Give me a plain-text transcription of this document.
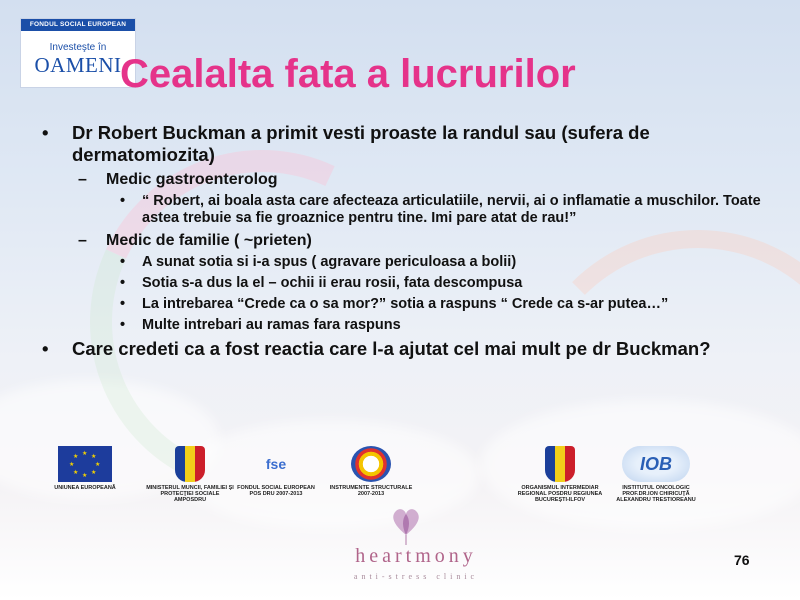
FONDUL SOCIAL EUROPEAN
Investeşte în
OAMENI
Cealalta fata a lucrurilor
• Dr Robert Buckman a primit vesti proaste la randul sau (sufera de dermatomiozita)
– Medic gastroenterolog
• “ Robert, ai boala asta care afecteaza articulatiile, nervii, ai o inflamatie a muschilor. Toate astea trebuie sa fie groaznice pentru tine. Imi pare atat de rau!”
– Medic de familie ( ~prieten)
• A sunat sotia si i-a spus ( agravare periculoasa a bolii)
• Sotia s-a dus la el – ochii ii erau rosii, fata descompusa
• La intrebarea “Crede ca o sa mor?” sotia a raspuns “ Crede ca s-ar putea…”
• Multe intrebari au ramas fara raspuns
• Care credeti ca a fost reactia care l-a ajutat cel mai mult pe dr Buckman?
★ ★
★
★
★
★
★
★
UNIUNEA EUROPEANĂ	MINISTERUL MUNCII, FAMILIEI ŞI PROTECŢIEI SOCIALE AMPOSDRU
fse
FONDUL SOCIAL EUROPEAN POS DRU 2007-2013
INSTRUMENTE STRUCTURALE 2007-2013
ORGANISMUL INTERMEDIAR REGIONAL POSDRU REGIUNEA BUCUREŞTI-ILFOV
IOB
INSTITUTUL ONCOLOGIC PROF.DR.ION CHIRICUŢĂ ALEXANDRU TRESTIOREANU
heartmony
anti-stress clinic
76
